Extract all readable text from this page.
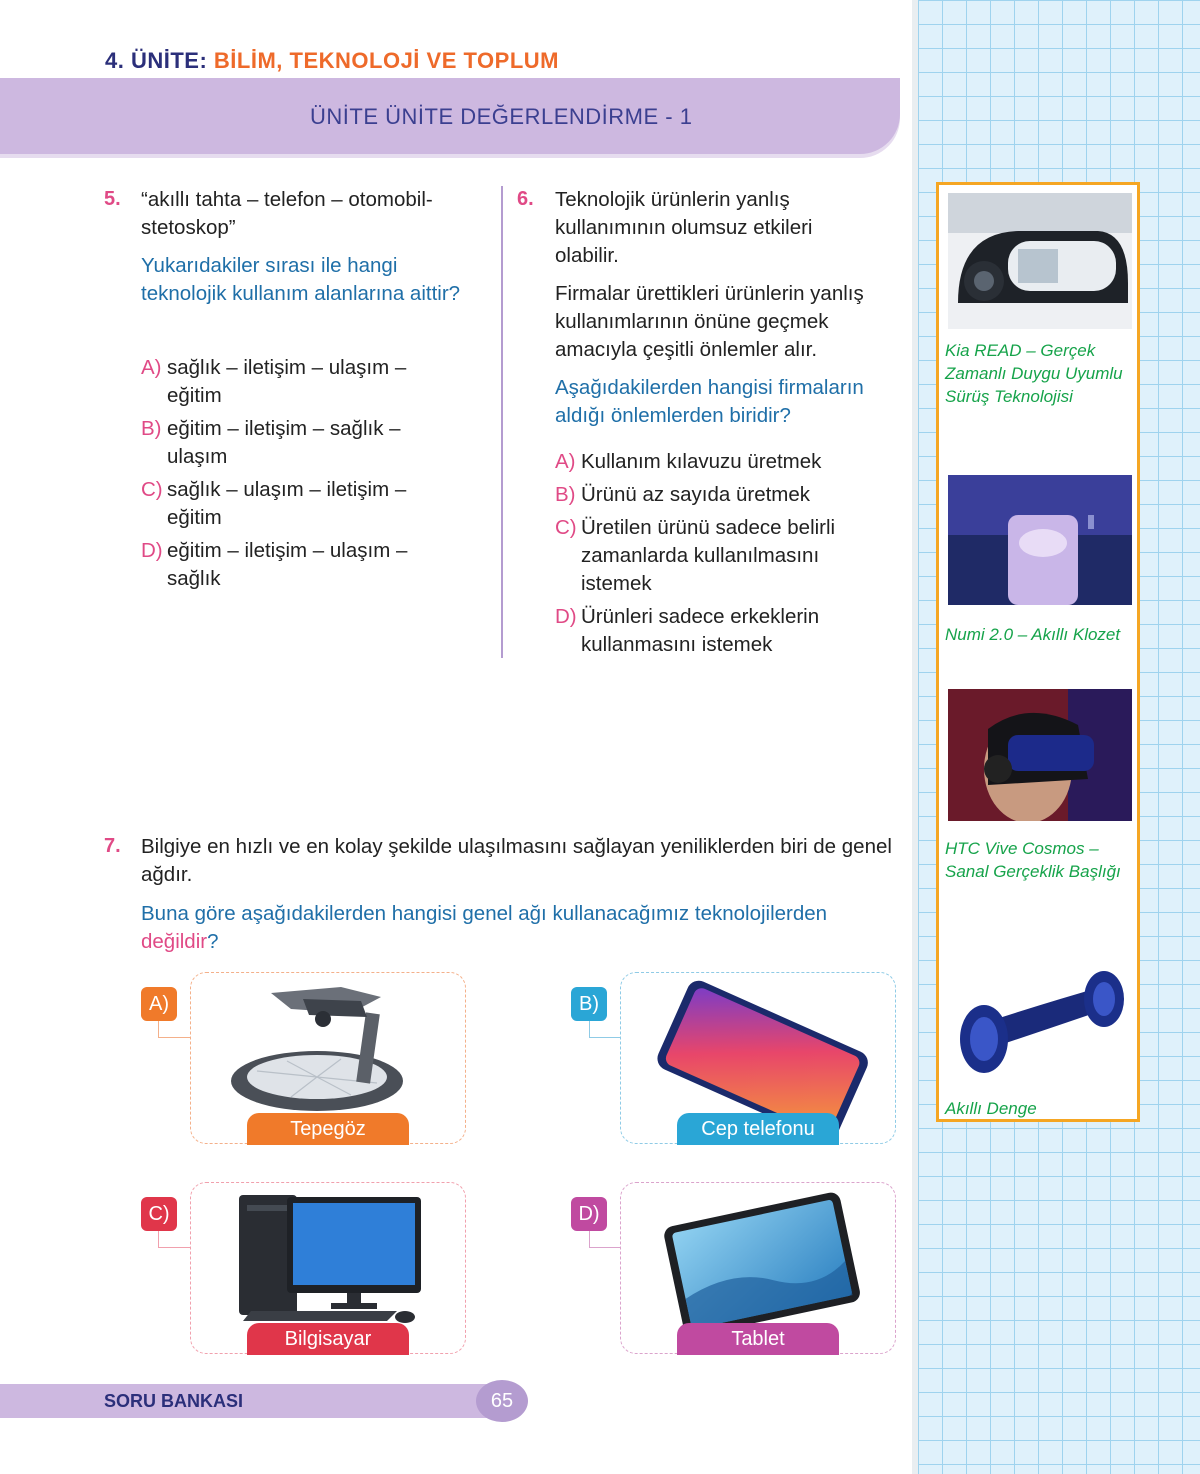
4. ÜNİTE: BİLİM, TEKNOLOJİ VE TOPLUM
ÜNİTE ÜNİTE DEĞERLENDİRME - 1
5. “akıllı tahta – telefon – otomobil-stetoskop”
Yukarıdakiler sırası ile hangi teknolojik kullanım alanlarına aittir?
A) sağlık – iletişim – ulaşım – eğitim
B) eğitim – iletişim – sağlık – ulaşım
C) sağlık – ulaşım – iletişim – eğitim
D) eğitim – iletişim – ulaşım – sağlık
6. Teknolojik ürünlerin yanlış kullanımının olumsuz etkileri olabilir.
Firmalar ürettikleri ürünlerin yanlış kullanımlarının önüne geçmek amacıyla çeşitli önlemler alır.
Aşağıdakilerden hangisi firmaların aldığı önlemlerden biridir?
A) Kullanım kılavuzu üretmek
B) Ürünü az sayıda üretmek
C) Üretilen ürünü sadece belirli zamanlarda kullanılmasını istemek
D) Ürünleri sadece erkeklerin kullanmasını istemek
7. Bilgiye en hızlı ve en kolay şekilde ulaşılmasını sağlayan yeniliklerden biri de genel ağdır.
Buna göre aşağıdakilerden hangisi genel ağı kullanacağımız teknolojilerden değildir?
Tepegöz
A)
Cep telefonu
B)
Bilgisayar
C)
Tablet
D)
Kia READ – Gerçek Zamanlı Duygu Uyumlu Sürüş Teknolojisi
Numi 2.0 – Akıllı Klozet
HTC Vive Cosmos – Sanal Gerçeklik Başlığı
Akıllı Denge
SORU BANKASI	65
